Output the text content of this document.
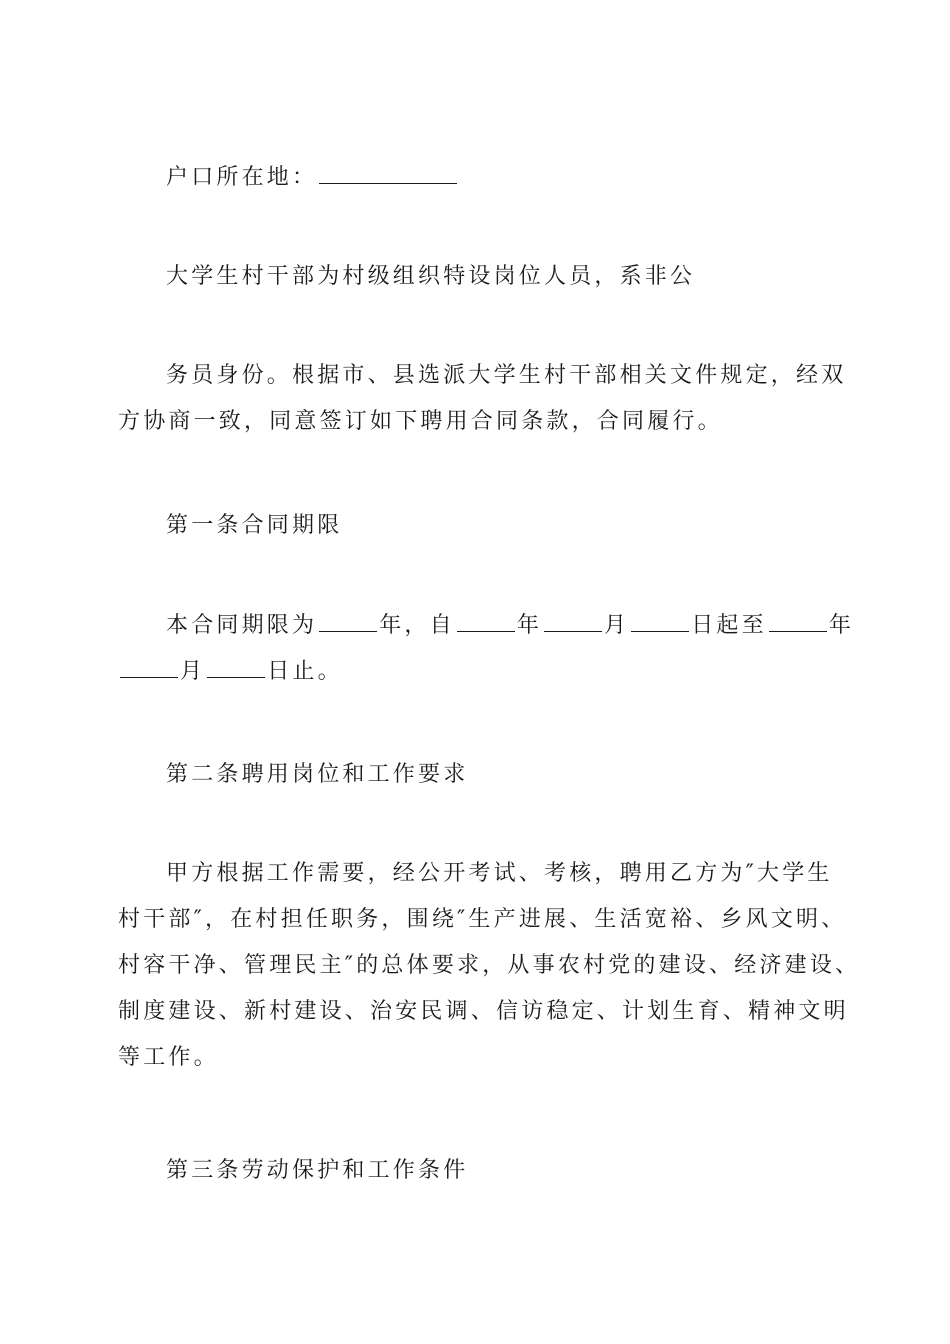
户口所在地：

大学生村干部为村级组织特设岗位人员，系非公

务员身份。根据市、县选派大学生村干部相关文件规定，经双
方协商一致，同意签订如下聘用合同条款，合同履行。

第一条合同期限

本合同期限为	年，自	年	月	日起至	年
月	日止。

第二条聘用岗位和工作要求

甲方根据工作需要，经公开考试、考核，聘用乙方为″大学生
村干部″，在村担任职务，围绕″生产进展、生活宽裕、乡风文明、
村容干净、管理民主″的总体要求，从事农村党的建设、经济建设、
制度建设、新村建设、治安民调、信访稳定、计划生育、精神文明
等工作。

第三条劳动保护和工作条件
